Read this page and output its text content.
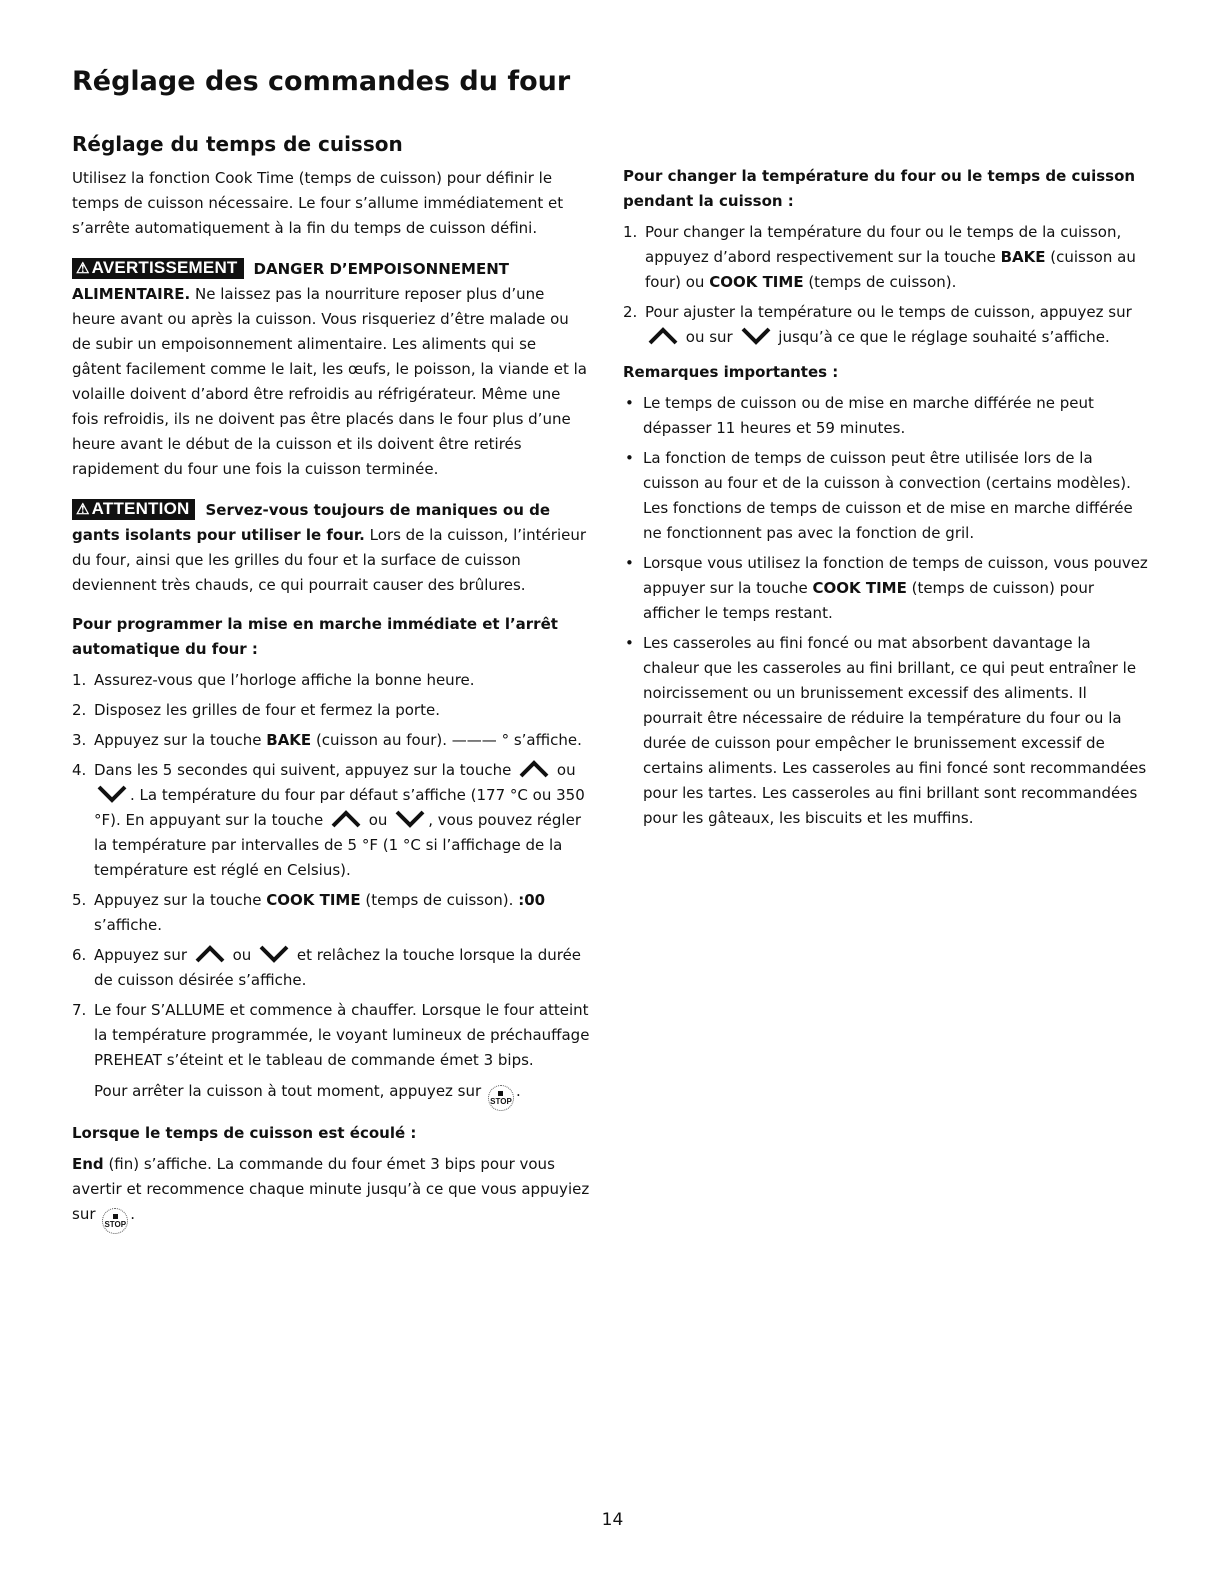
Réglage des commandes du four
Réglage du temps de cuisson

Utilisez la fonction Cook Time (temps de cuisson) pour définir le temps de cuisson nécessaire. Le four s’allume immédiatement et s’arrête automatiquement à la fin du temps de cuisson défini.

⚠ AVERTISSEMENT DANGER D’EMPOISONNEMENT ALIMENTAIRE. Ne laissez pas la nourriture reposer plus d’une heure avant ou après la cuisson. Vous risqueriez d’être malade ou de subir un empoisonnement alimentaire. Les aliments qui se gâtent facilement comme le lait, les œufs, le poisson, la viande et la volaille doivent d’abord être refroidis au réfrigérateur. Même une fois refroidis, ils ne doivent pas être placés dans le four plus d’une heure avant le début de la cuisson et ils doivent être retirés rapidement du four une fois la cuisson terminée.
⚠ ATTENTION Servez-vous toujours de maniques ou de gants isolants pour utiliser le four. Lors de la cuisson, l’intérieur du four, ainsi que les grilles du four et la surface de cuisson deviennent très chauds, ce qui pourrait causer des brûlures.
Pour programmer la mise en marche immédiate et l’arrêt automatique du four :
1. Assurez-vous que l’horloge affiche la bonne heure.
2. Disposez les grilles de four et fermez la porte.
3. Appuyez sur la touche BAKE (cuisson au four). ——— ° s’affiche.
4. Dans les 5 secondes qui suivent, appuyez sur la touche	ou . La température du four par défaut s’affiche (177 °C ou 350 °F). En appuyant sur la touche	ou	, vous pouvez régler la température par intervalles de 5 °F (1 °C si l’affichage de la température est réglé en Celsius).
5. Appuyez sur la touche COOK TIME (temps de cuisson). :00 s’affiche.
6. Appuyez sur	ou	et relâchez la touche lorsque la durée de cuisson désirée s’affiche.
7. Le four S’ALLUME et commence à chauffer. Lorsque le four atteint la température programmée, le voyant lumineux de préchauffage PREHEAT s’éteint et le tableau de commande émet 3 bips.
Pour arrêter la cuisson à tout moment, appuyez sur
STOP.
Lorsque le temps de cuisson est écoulé :

End (fin) s’affiche. La commande du four émet 3 bips pour vous avertir et recommence chaque minute jusqu’à ce que vous appuyiez sur
STOP.

Pour changer la température du four ou le temps de cuisson pendant la cuisson :
1. Pour changer la température du four ou le temps de la cuisson, appuyez d’abord respectivement sur la touche BAKE (cuisson au four) ou COOK TIME (temps de cuisson).
2. Pour ajuster la température ou le temps de cuisson, appuyez sur  ou sur	jusqu’à ce que le réglage souhaité s’affiche.
Remarques importantes :
• Le temps de cuisson ou de mise en marche différée ne peut dépasser 11 heures et 59 minutes.
• La fonction de temps de cuisson peut être utilisée lors de la cuisson au four et de la cuisson à convection (certains modèles). Les fonctions de temps de cuisson et de mise en marche différée ne fonctionnent pas avec la fonction de gril.
• Lorsque vous utilisez la fonction de temps de cuisson, vous pouvez appuyer sur la touche COOK TIME (temps de cuisson) pour afficher le temps restant.
• Les casseroles au fini foncé ou mat absorbent davantage la chaleur que les casseroles au fini brillant, ce qui peut entraîner le noircissement ou un brunissement excessif des aliments. Il pourrait être nécessaire de réduire la température du four ou la durée de cuisson pour empêcher le brunissement excessif de certains aliments. Les casseroles au fini foncé sont recommandées pour les tartes. Les casseroles au fini brillant sont recommandées pour les gâteaux, les biscuits et les muffins.
14
